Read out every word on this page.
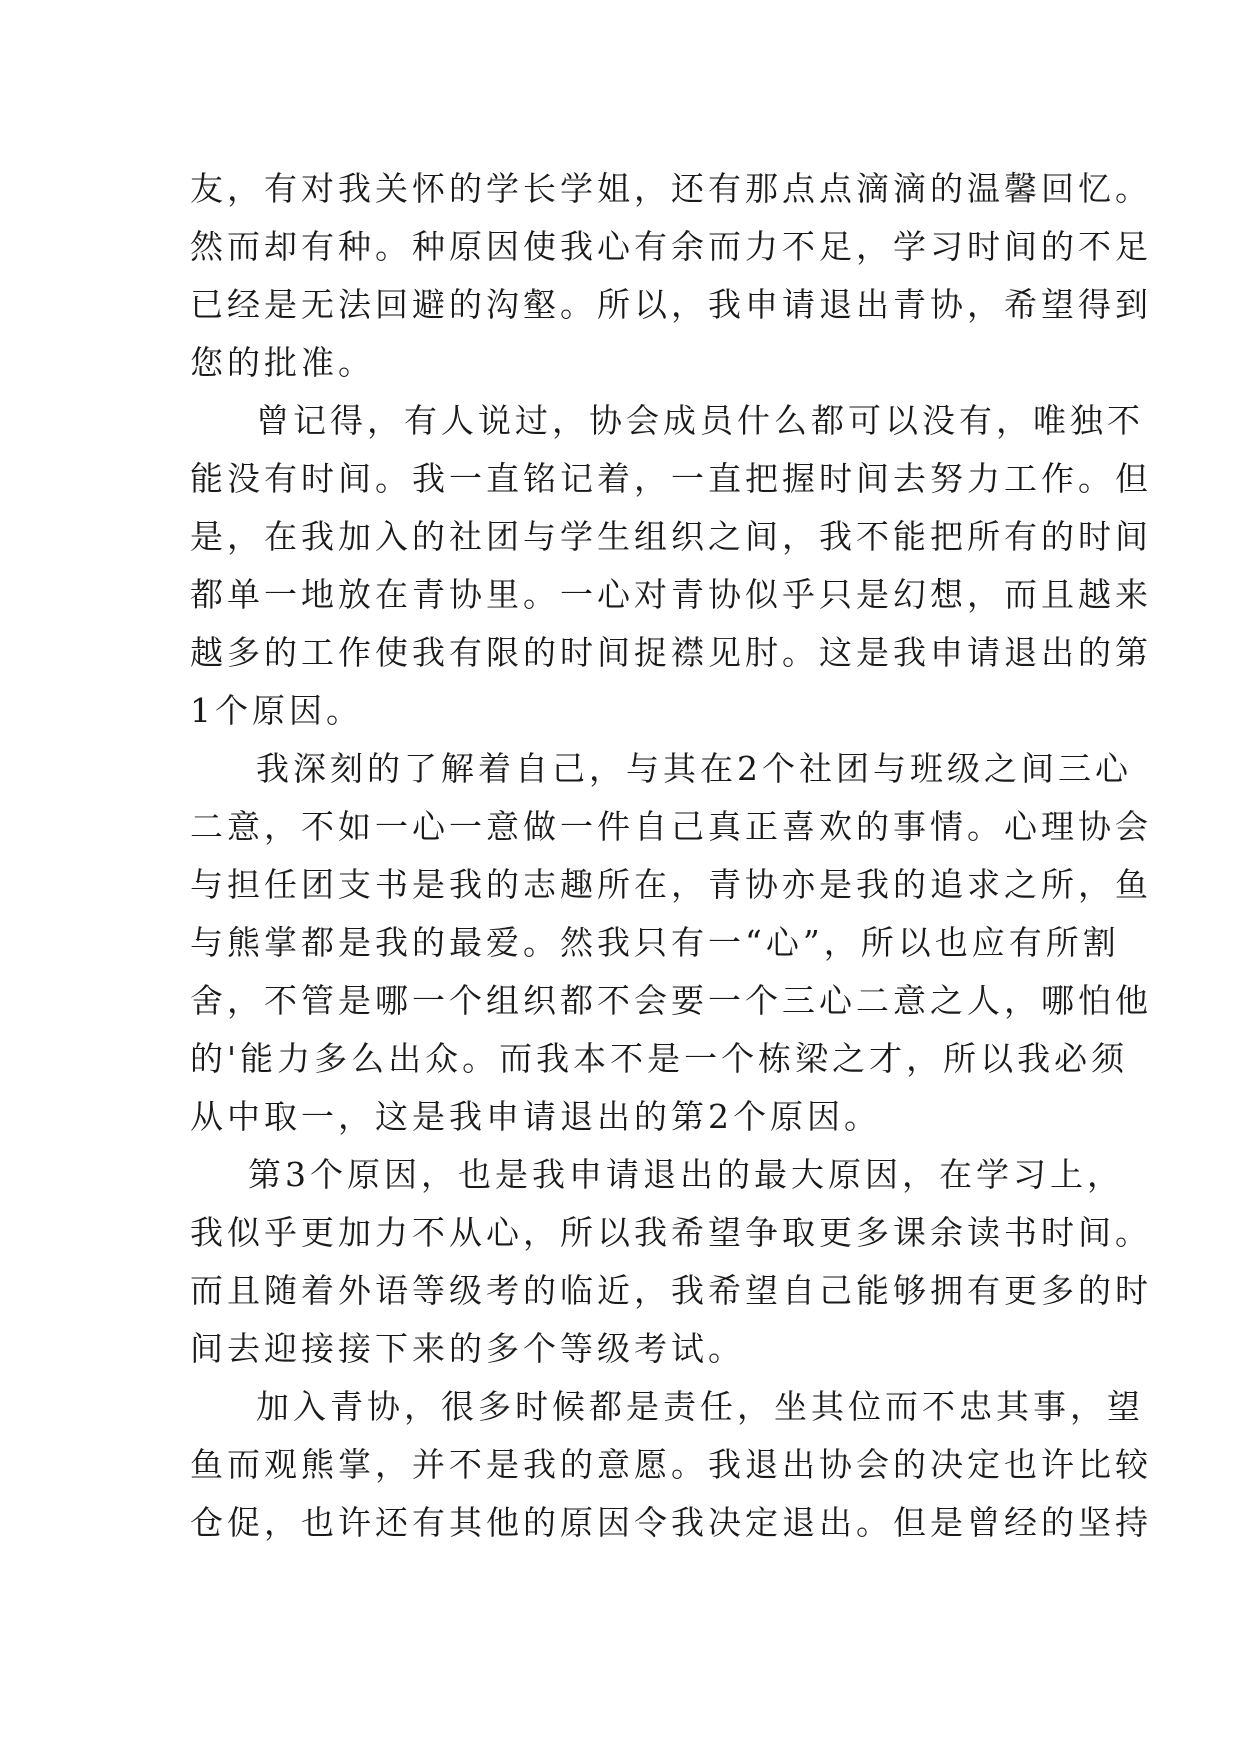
友，有对我关怀的学长学姐，还有那点点滴滴的温馨回忆。
然而却有种。种原因使我心有余而力不足，学习时间的不足
已经是无法回避的沟壑。所以，我申请退出青协，希望得到
您的批准。
曾记得，有人说过，协会成员什么都可以没有，唯独不
能没有时间。我一直铭记着，一直把握时间去努力工作。但
是，在我加入的社团与学生组织之间，我不能把所有的时间
都单一地放在青协里。一心对青协似乎只是幻想，而且越来
越多的工作使我有限的时间捉襟见肘。这是我申请退出的第
1个原因。
我深刻的了解着自己，与其在2个社团与班级之间三心
二意，不如一心一意做一件自己真正喜欢的事情。心理协会
与担任团支书是我的志趣所在，青协亦是我的追求之所，鱼
与熊掌都是我的最爱。然我只有一“心”，所以也应有所割
舍，不管是哪一个组织都不会要一个三心二意之人，哪怕他
的'能力多么出众。而我本不是一个栋梁之才，所以我必须
从中取一，这是我申请退出的第2个原因。
第3个原因，也是我申请退出的最大原因，在学习上，
我似乎更加力不从心，所以我希望争取更多课余读书时间。
而且随着外语等级考的临近，我希望自己能够拥有更多的时
间去迎接接下来的多个等级考试。
加入青协，很多时候都是责任，坐其位而不忠其事，望
鱼而观熊掌，并不是我的意愿。我退出协会的决定也许比较
仓促，也许还有其他的原因令我决定退出。但是曾经的坚持
